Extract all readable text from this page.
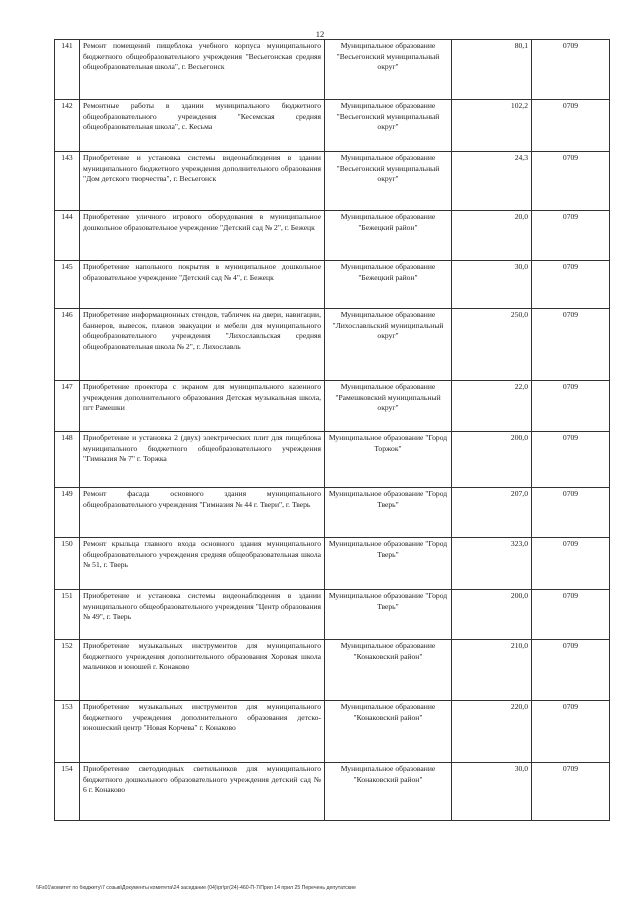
12
141	Ремонт помещений пищеблока учебного корпуса муниципального бюджетного общеобразовательного учреждения "Весьегонская средняя общеобразовательная школа", г. Весьегонск	Муниципальное образование "Весьегонский муниципальный округ"	80,1	0709
142	Ремонтные работы в здании муниципального бюджетного общеобразовательного учреждения "Кесемская средняя общеобразовательная школа", с. Кесьма	Муниципальное образование "Весьегонский муниципальный округ"	102,2	0709
143	Приобретение и установка системы видеонаблюдения в здании муниципального бюджетного учреждения дополнительного образования "Дом детского творчества", г. Весьегонск	Муниципальное образование "Весьегонский муниципальный округ"	24,3	0709
144	Приобретение уличного игрового оборудования в муниципальное дошкольное образовательное учреждение "Детский сад № 2", г. Бежецк	Муниципальное образование "Бежецкий район"	20,0	0709
145	Приобретение напольного покрытия в муниципальное дошкольное образовательное учреждение "Детский сад № 4", г. Бежецк	Муниципальное образование "Бежецкий район"	30,0	0709
146	Приобретение информационных стендов, табличек на двери, навигации, баннеров, вывесок, планов эвакуации и мебели для муниципального общеобразовательного учреждения "Лихославльская средняя общеобразовательная школа № 2", г. Лихославль	Муниципальное образование "Лихославльский муниципальный округ"	250,0	0709
147	Приобретение проектора с экраном для муниципального казенного учреждения дополнительного образования Детская музыкальная школа, пгт Рамешки	Муниципальное образование "Рамешковский муниципальный округ"	22,0	0709
148	Приобретение и установка 2 (двух) электрических плит для пищеблока муниципального бюджетного общеобразовательного учреждения "Гимназия № 7" г. Торжка	Муниципальное образование "Город Торжок"	200,0	0709
149	Ремонт фасада основного здания муниципального общеобразовательного учреждения "Гимназия № 44 г. Твери", г. Тверь	Муниципальное образование "Город Тверь"	207,0	0709
150	Ремонт крыльца главного входа основного здания муниципального общеобразовательного учреждения средняя общеобразовательная школа № 51, г. Тверь	Муниципальное образование "Город Тверь"	323,0	0709
151	Приобретение и установка системы видеонаблюдения в здании муниципального общеобразовательного учреждения "Центр образования № 49", г. Тверь	Муниципальное образование "Город Тверь"	200,0	0709
152	Приобретение музыкальных инструментов для муниципального бюджетного учреждения дополнительного образования Хоровая школа мальчиков и юношей г. Конаково	Муниципальное образование "Конаковский район"	210,0	0709
153	Приобретение музыкальных инструментов для муниципального бюджетного учреждения дополнительного образования детско-юношеский центр "Новая Корчева" г. Конаково	Муниципальное образование "Конаковский район"	220,0	0709
154	Приобретение светодиодных светильников для муниципального бюджетного дошкольного образовательного учреждения детский сад № 6 г. Конаково	Муниципальное образование "Конаковский район"	30,0	0709
\\Fs01\комитет по бюджету\7 созыв\Документы комитета\24 заседание (04)\рг\рг(24)-460-П-7\Прил 14 прил 25 Перечень депутатские
